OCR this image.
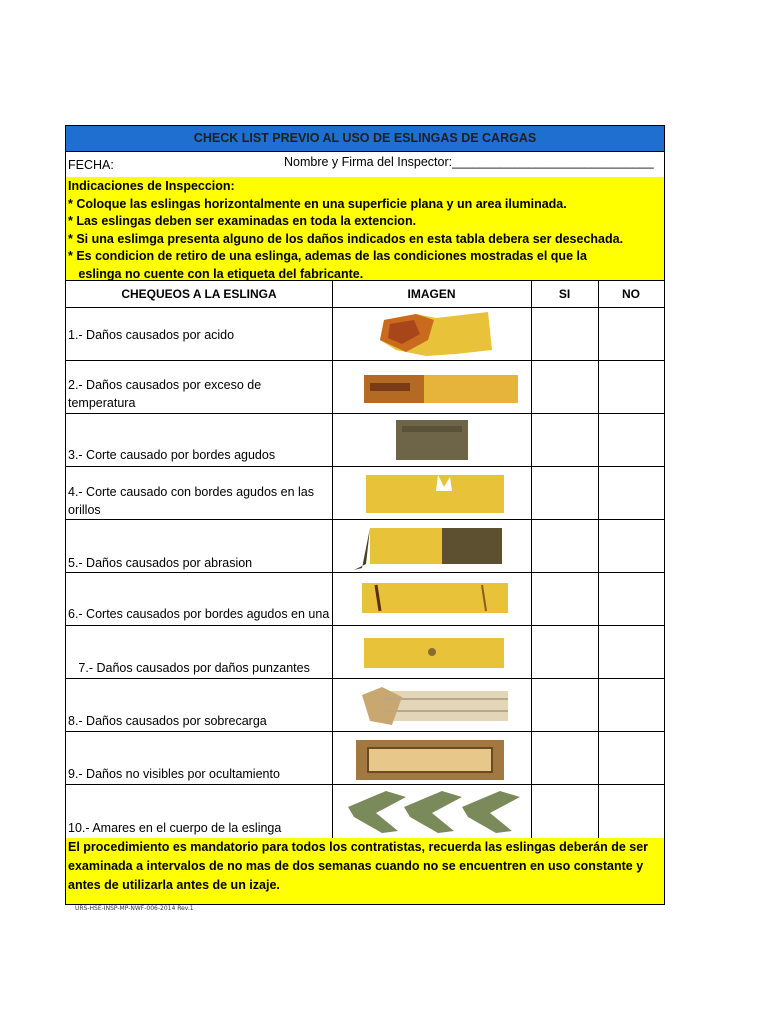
CHECK LIST PREVIO AL USO DE ESLINGAS DE CARGAS
FECHA:	Nombre y Firma del Inspector:_____________________________
Indicaciones de Inspeccion:
* Coloque las eslingas horizontalmente en una superficie plana y un area iluminada.
* Las eslingas deben ser examinadas en toda la extencion.
* Si una eslimga presenta alguno de los daños indicados en esta tabla debera ser desechada.
* Es condicion de retiro de una eslinga, ademas de las condiciones mostradas el que la
eslinga no cuente con la etiqueta del fabricante.
CHEQUEOS A LA ESLINGA	IMAGEN	SI	NO
1.- Daños causados por acido
2.- Daños causados por exceso de temperatura
3.- Corte causado por bordes agudos
4.- Corte causado con bordes agudos en las orillos
5.- Daños causados por abrasion
6.- Cortes causados por bordes agudos en una
7.- Daños causados por daños punzantes
8.- Daños causados por sobrecarga
9.- Daños no visibles por ocultamiento
10.- Amares en el cuerpo de la eslinga
El procedimiento es mandatorio para todos los contratistas, recuerda las eslingas deberán de ser examinada a intervalos de no mas de dos semanas cuando no se encuentren en uso constante y antes de utilizarla antes de un izaje.
URS-HSE-INSP-MP-NWF-006-2014 Rev.1
